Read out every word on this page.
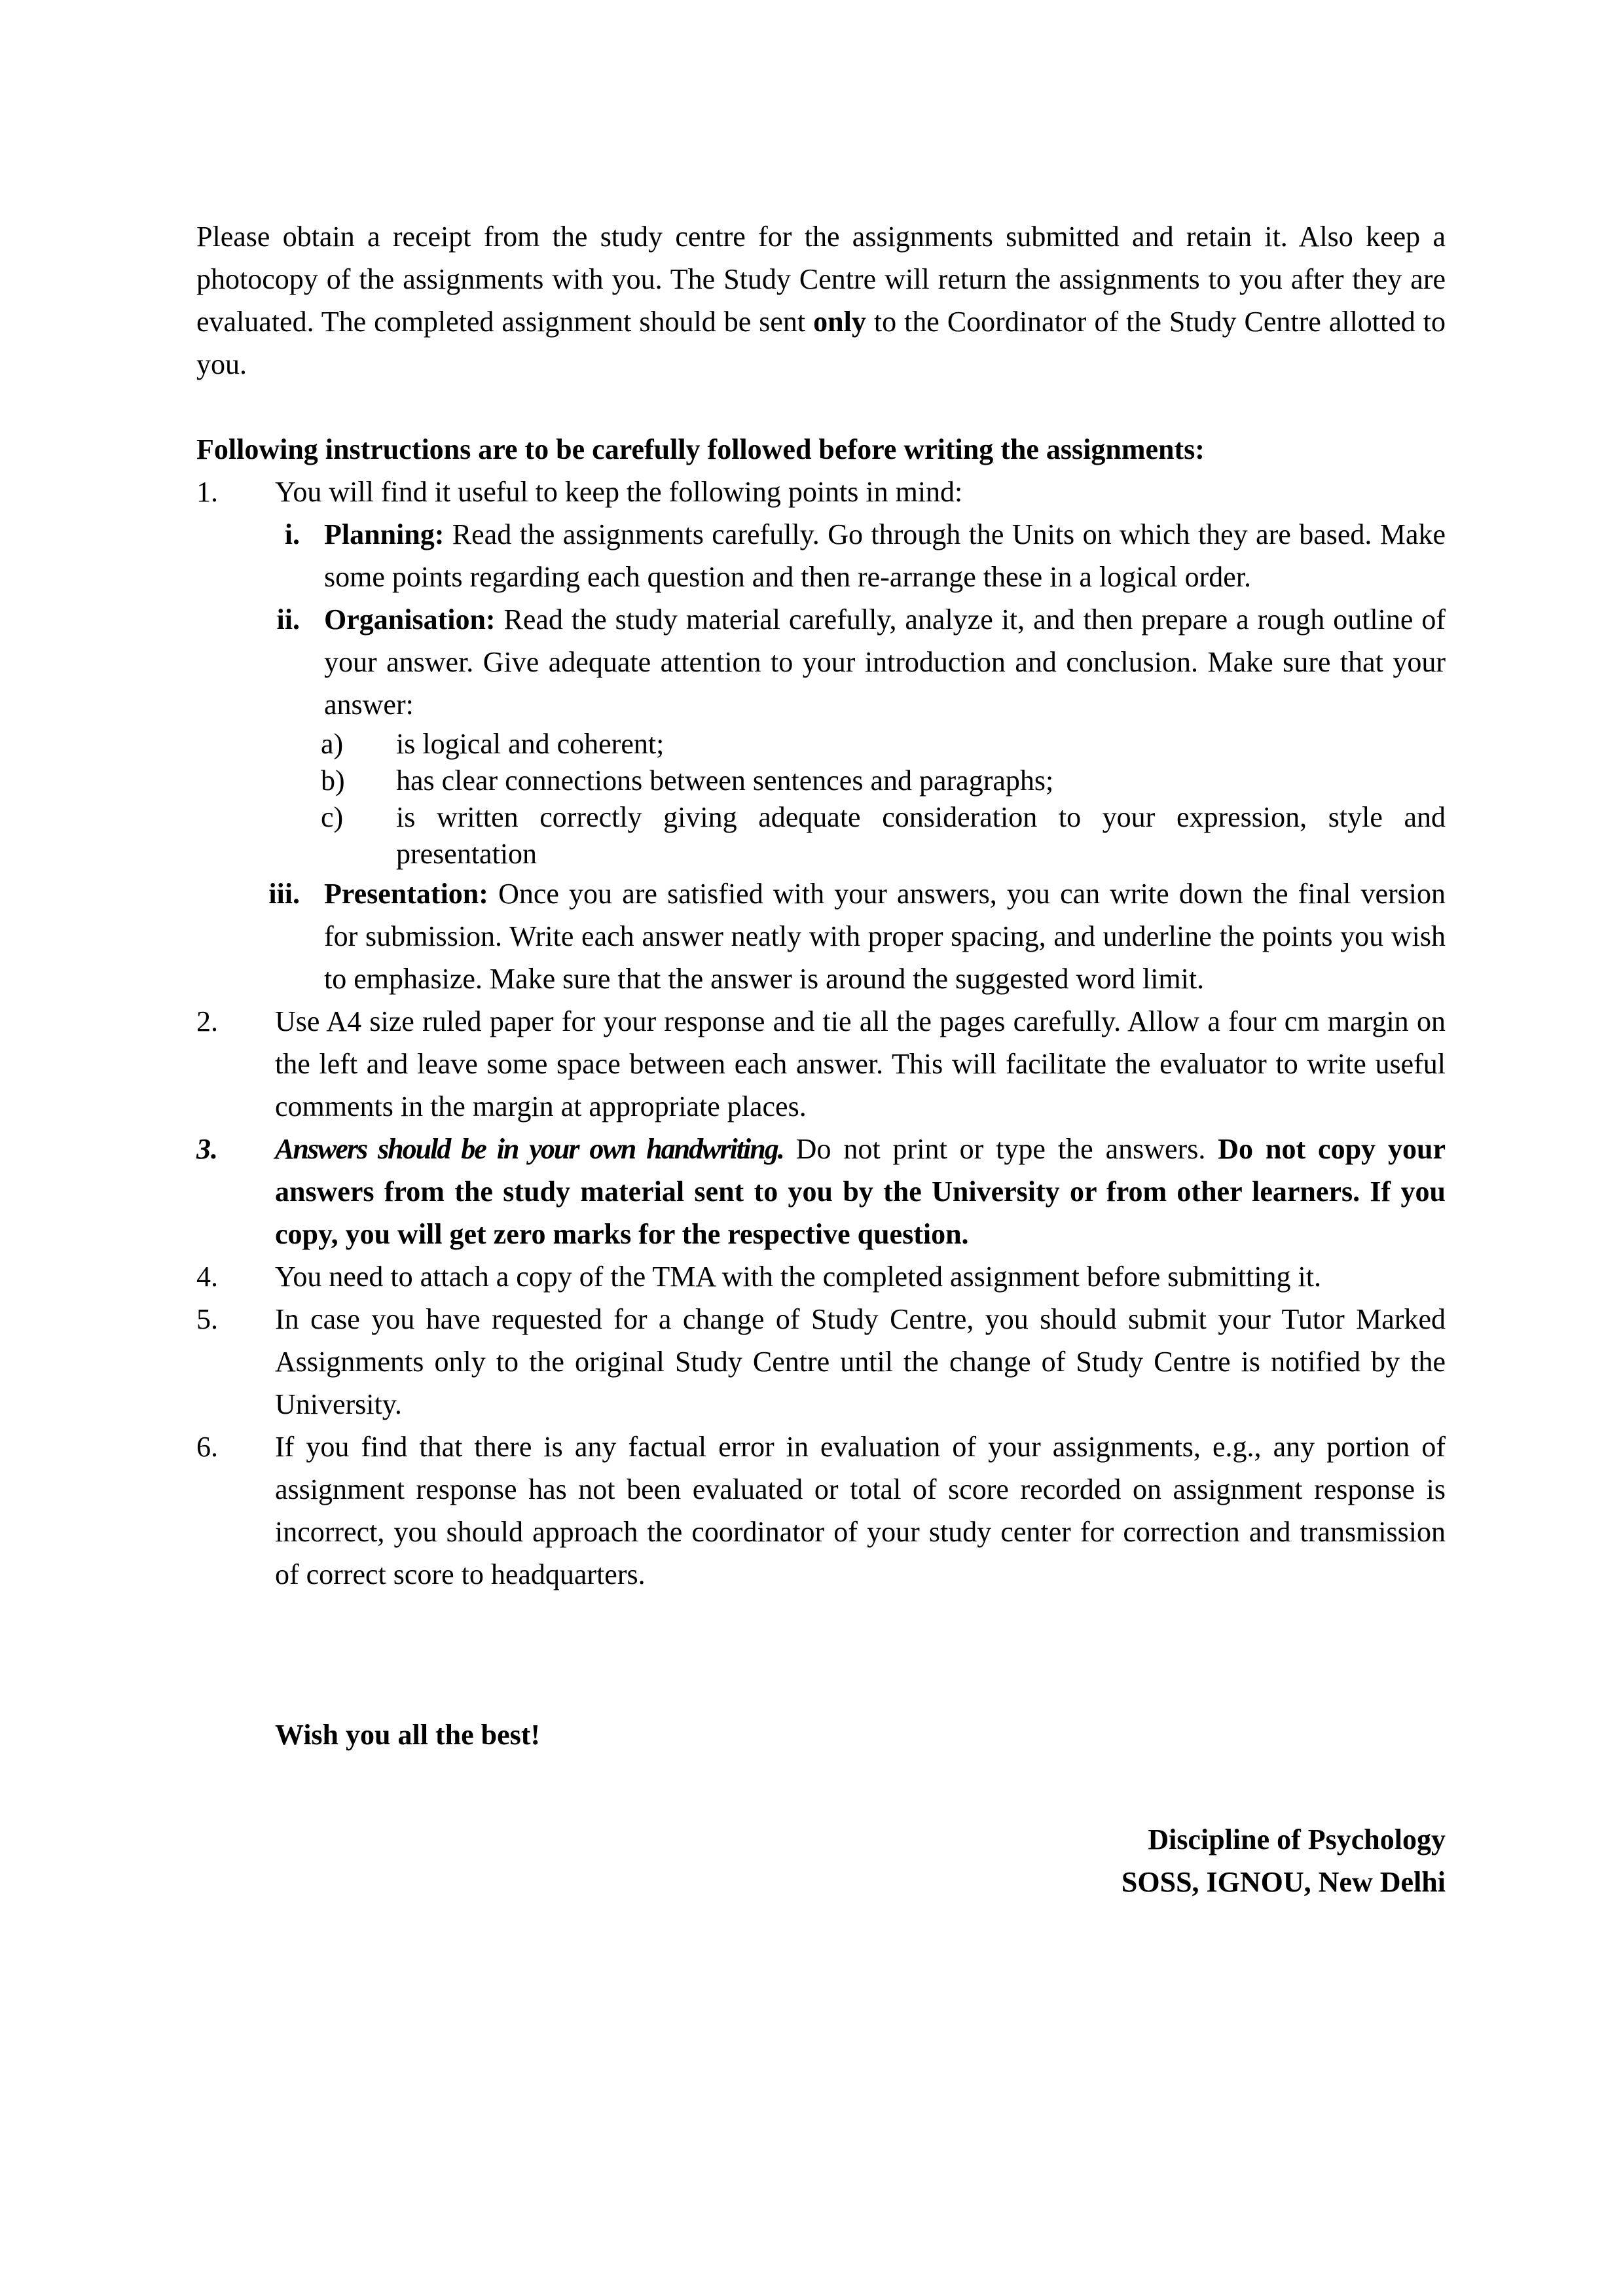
Please obtain a receipt from the study centre for the assignments submitted and retain it. Also keep a photocopy of the assignments with you. The Study Centre will return the assignments to you after they are evaluated. The completed assignment should be sent only to the Coordinator of the Study Centre allotted to you.

Following instructions are to be carefully followed before writing the assignments:
1.	You will find it useful to keep the following points in mind:
i. Planning: Read the assignments carefully. Go through the Units on which they are based. Make some points regarding each question and then re-arrange these in a logical order.
ii. Organisation: Read the study material carefully, analyze it, and then prepare a rough outline of your answer. Give adequate attention to your introduction and conclusion. Make sure that your answer:
a)	is logical and coherent;
b)	has clear connections between sentences and paragraphs;
c)	is written correctly giving adequate consideration to your expression, style and presentation
iii. Presentation: Once you are satisfied with your answers, you can write down the final version for submission. Write each answer neatly with proper spacing, and underline the points you wish to emphasize. Make sure that the answer is around the suggested word limit.
2.	Use A4 size ruled paper for your response and tie all the pages carefully. Allow a four cm margin on the left and leave some space between each answer. This will facilitate the evaluator to write useful comments in the margin at appropriate places.
3.	Answers should be in your own handwriting. Do not print or type the answers. Do not copy your answers from the study material sent to you by the University or from other learners. If you copy, you will get zero marks for the respective question.
4.	You need to attach a copy of the TMA with the completed assignment before submitting it.
5.	In case you have requested for a change of Study Centre, you should submit your Tutor Marked Assignments only to the original Study Centre until the change of Study Centre is notified by the University.
6.	If you find that there is any factual error in evaluation of your assignments, e.g., any portion of assignment response has not been evaluated or total of score recorded on assignment response is incorrect, you should approach the coordinator of your study center for correction and transmission of correct score to headquarters.
Wish you all the best!
Discipline of Psychology
SOSS, IGNOU, New Delhi
